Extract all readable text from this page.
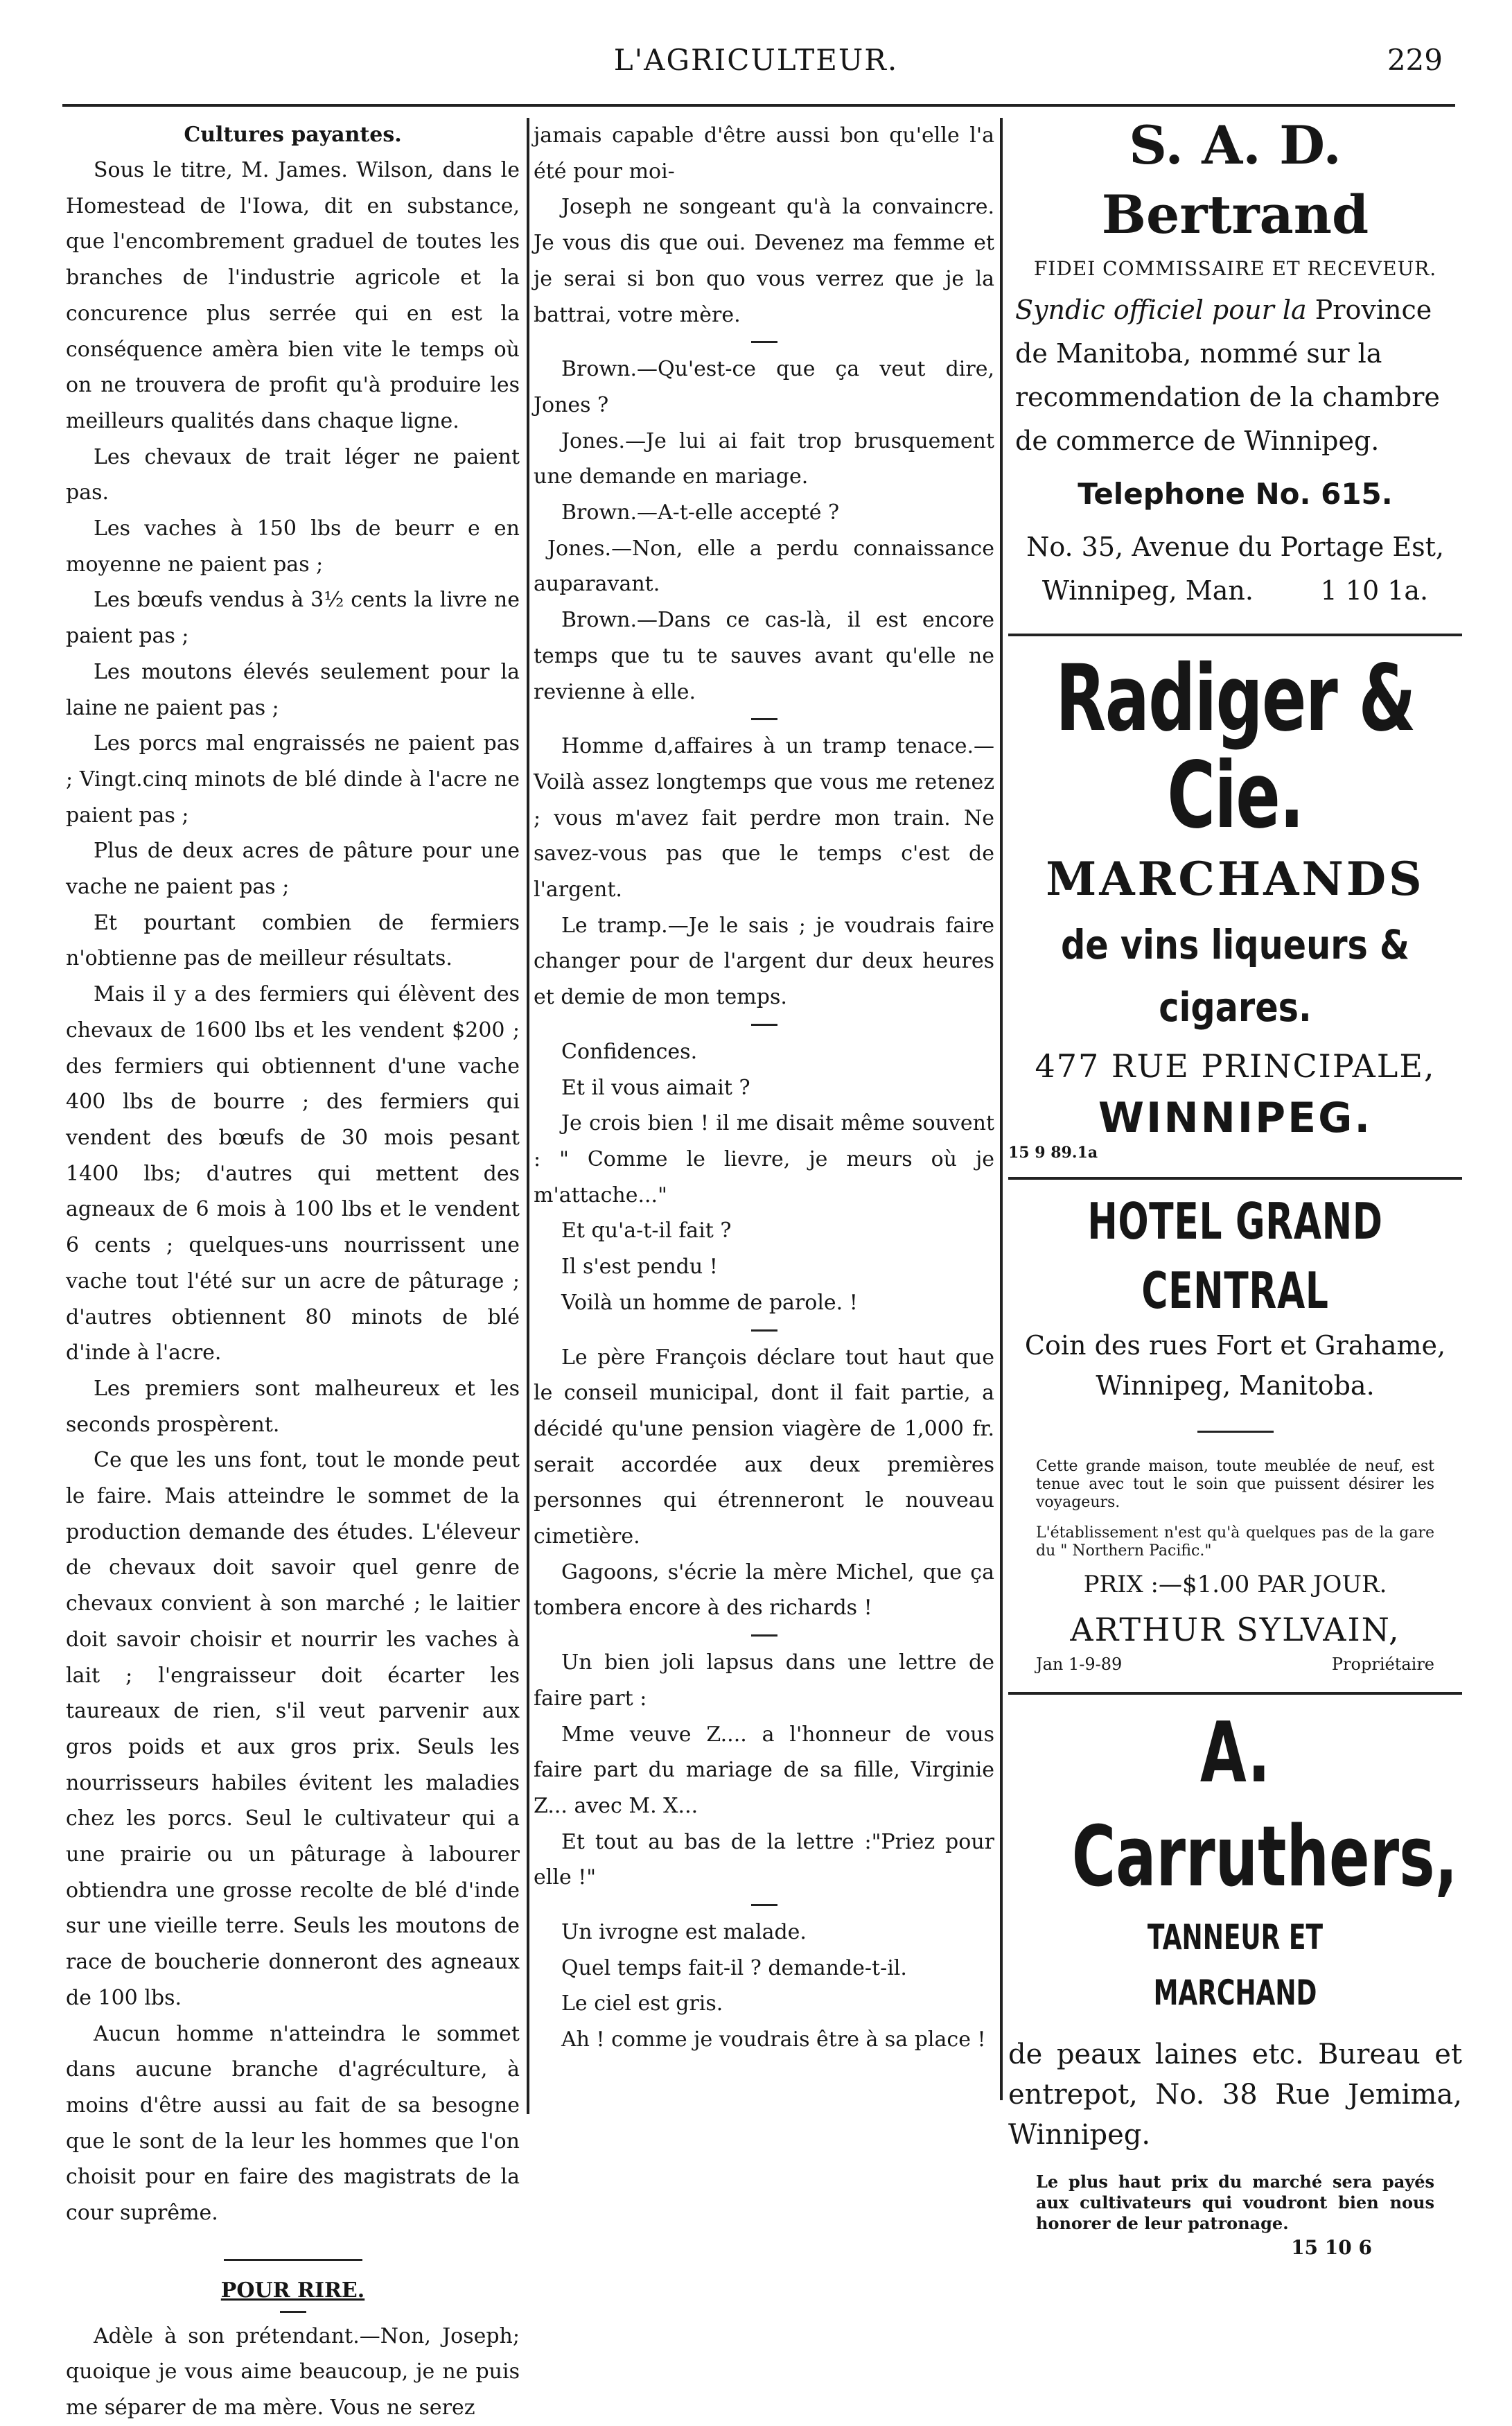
L'AGRICULTEUR.	229

Cultures payantes.

Sous le titre, M. James. Wilson, dans le Homestead de l'Iowa, dit en substance, que l'encombrement graduel de toutes les branches de l'industrie agricole et la concurence plus serrée qui en est la conséquence amèra bien vite le temps où on ne trouvera de profit qu'à produire les meilleurs qualités dans chaque ligne.

Les chevaux de trait léger ne paient pas.

Les vaches à 150 lbs de beurr e en moyenne ne paient pas ;

Les bœufs vendus à 3½ cents la livre ne paient pas ;

Les moutons élevés seulement pour la laine ne paient pas ;

Les porcs mal engraissés ne paient pas ; Vingt.cinq minots de blé dinde à l'acre ne paient pas ;

Plus de deux acres de pâture pour une vache ne paient pas ;

Et pourtant combien de fermiers n'obtienne pas de meilleur résultats.

Mais il y a des fermiers qui élèvent des chevaux de 1600 lbs et les vendent $200 ; des fermiers qui obtiennent d'une vache 400 lbs de bourre ; des fermiers qui vendent des bœufs de 30 mois pesant 1400 lbs; d'autres qui mettent des agneaux de 6 mois à 100 lbs et le vendent 6 cents ; quelques-uns nourrissent une vache tout l'été sur un acre de pâturage ; d'autres obtiennent 80 minots de blé d'inde à l'acre.

Les premiers sont malheureux et les seconds prospèrent.

Ce que les uns font, tout le monde peut le faire. Mais atteindre le sommet de la production demande des études. L'éleveur de chevaux doit savoir quel genre de chevaux convient à son marché ; le laitier doit savoir choisir et nourrir les vaches à lait ; l'engraisseur doit écarter les taureaux de rien, s'il veut parvenir aux gros poids et aux gros prix. Seuls les nourrisseurs habiles évitent les maladies chez les porcs. Seul le cultivateur qui a une prairie ou un pâturage à labourer obtiendra une grosse recolte de blé d'inde sur une vieille terre. Seuls les moutons de race de boucherie donneront des agneaux de 100 lbs.

Aucun homme n'atteindra le sommet dans aucune branche d'agréculture, à moins d'être aussi au fait de sa besogne que le sont de la leur les hommes que l'on choisit pour en faire des magistrats de la cour suprême.

POUR RIRE.

Adèle à son prétendant.—Non, Joseph; quoique je vous aime beaucoup, je ne puis me séparer de ma mère. Vous ne serez

jamais capable d'être aussi bon qu'elle l'a été pour moi-

Joseph ne songeant qu'à la convaincre. Je vous dis que oui. Devenez ma femme et je serai si bon quo vous verrez que je la battrai, votre mère.

Brown.—Qu'est-ce que ça veut dire, Jones ?

Jones.—Je lui ai fait trop brusquement une demande en mariage.

Brown.—A-t-elle accepté ?

Jones.—Non, elle a perdu connaissance auparavant.

Brown.—Dans ce cas-là, il est encore temps que tu te sauves avant qu'elle ne revienne à elle.

Homme d,affaires à un tramp tenace.—Voilà assez longtemps que vous me retenez ; vous m'avez fait perdre mon train. Ne savez-vous pas que le temps c'est de l'argent.

Le tramp.—Je le sais ; je voudrais faire changer pour de l'argent dur deux heures et demie de mon temps.

Confidences.

Et il vous aimait ?

Je crois bien ! il me disait même souvent : " Comme le lievre, je meurs où je m'attache..."

Et qu'a-t-il fait ?

Il s'est pendu !

Voilà un homme de parole. !

Le père François déclare tout haut que le conseil municipal, dont il fait partie, a décidé qu'une pension viagère de 1,000 fr. serait accordée aux deux premières personnes qui étrenneront le nouveau cimetière.

Gagoons, s'écrie la mère Michel, que ça tombera encore à des richards !

Un bien joli lapsus dans une lettre de faire part :

Mme veuve Z.... a l'honneur de vous faire part du mariage de sa fille, Virginie Z... avec M. X...

Et tout au bas de la lettre :"Priez pour elle !"

Un ivrogne est malade.

Quel temps fait-il ? demande-t-il.

Le ciel est gris.

Ah ! comme je voudrais être à sa place !

S. A. D. Bertrand
FIDEI COMMISSAIRE ET RECEVEUR.
Syndic officiel pour la Province de Manitoba, nommé sur la recommendation de la chambre de commerce de Winnipeg.
Telephone No. 615.
No. 35, Avenue du Portage Est,
Winnipeg, Man.        1 10 1a.
Radiger & Cie.
MARCHANDS
de vins liqueurs & cigares.
477 RUE PRINCIPALE,
WINNIPEG.
15 9 89.1a
HOTEL GRAND CENTRAL
Coin des rues Fort et Grahame,
Winnipeg, Manitoba.
Cette grande maison, toute meublée de neuf, est tenue avec tout le soin que puissent désirer les voyageurs.
L'établissement n'est qu'à quelques pas de la gare du " Northern Pacific."
PRIX :—$1.00 PAR JOUR.
ARTHUR SYLVAIN,
Jan 1-9-89	Propriétaire
A. Carruthers,
TANNEUR ET MARCHAND
de peaux laines etc. Bureau et entrepot, No. 38 Rue Jemima, Winnipeg.
Le plus haut prix du marché sera payés aux cultivateurs qui voudront bien nous honorer de leur patronage.
15 10 6
